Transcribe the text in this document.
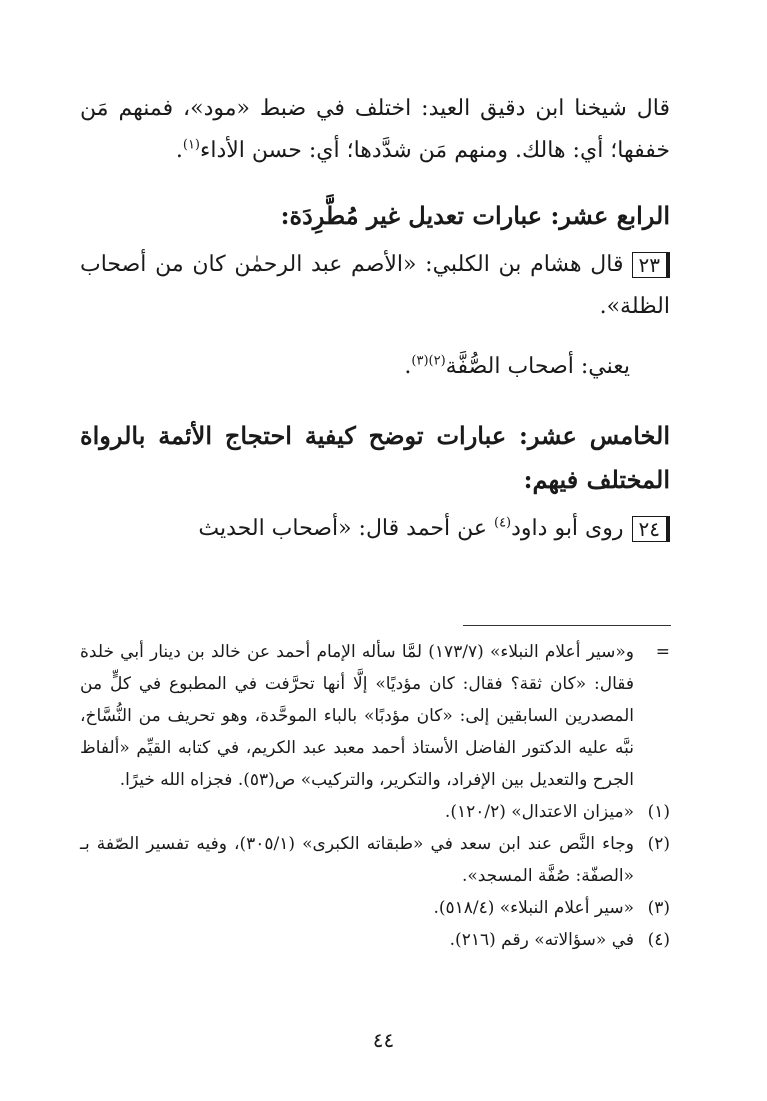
قال شيخنا ابن دقيق العيد: اختلف في ضبط «مود»، فمنهم مَن خففها؛ أي: هالك. ومنهم مَن شدَّدها؛ أي: حسن الأداء$^{(١)}$.

الرابع عشر: عبارات تعديل غير مُطَّرِدَة:

٢٣قال هشام بن الكلبي: «الأصم عبد الرحمٰن كان من أصحاب الظلة».

يعني: أصحاب الصُّفَّة$^{(٢)(٣)}$.

الخامس عشر: عبارات توضح كيفية احتجاج الأئمة بالرواة المختلف فيهم:

٢٤روى أبو داود$^{(٤)}$ عن أحمد قال: «أصحاب الحديث

=
و«سير أعلام النبلاء» (١٧٣/٧) لمَّا سأله الإمام أحمد عن خالد بن دينار أبي خلدة فقال: «كان ثقة؟ فقال: كان مؤديًا» إلَّا أنها تحرَّفت في المطبوع في كلٍّ من المصدرين السابقين إلى: «كان مؤدبًا» بالباء الموحَّدة، وهو تحريف من النُّسَّاخ، نبَّه عليه الدكتور الفاضل الأستاذ أحمد معبد عبد الكريم، في كتابه القيِّم «ألفاظ الجرح والتعديل بين الإفراد، والتكرير، والتركيب» ص(٥٣). فجزاه الله خيرًا.
(١)
«ميزان الاعتدال» (١٢٠/٢).
(٢)
وجاء النَّص عند ابن سعد في «طبقاته الكبرى» (٣٠٥/١)، وفيه تفسير الصّفة بـ «الصفّة: صُفَّة المسجد».
(٣)
«سير أعلام النبلاء» (٥١٨/٤).
(٤)
في «سؤالاته» رقم (٢١٦).
٤٤
